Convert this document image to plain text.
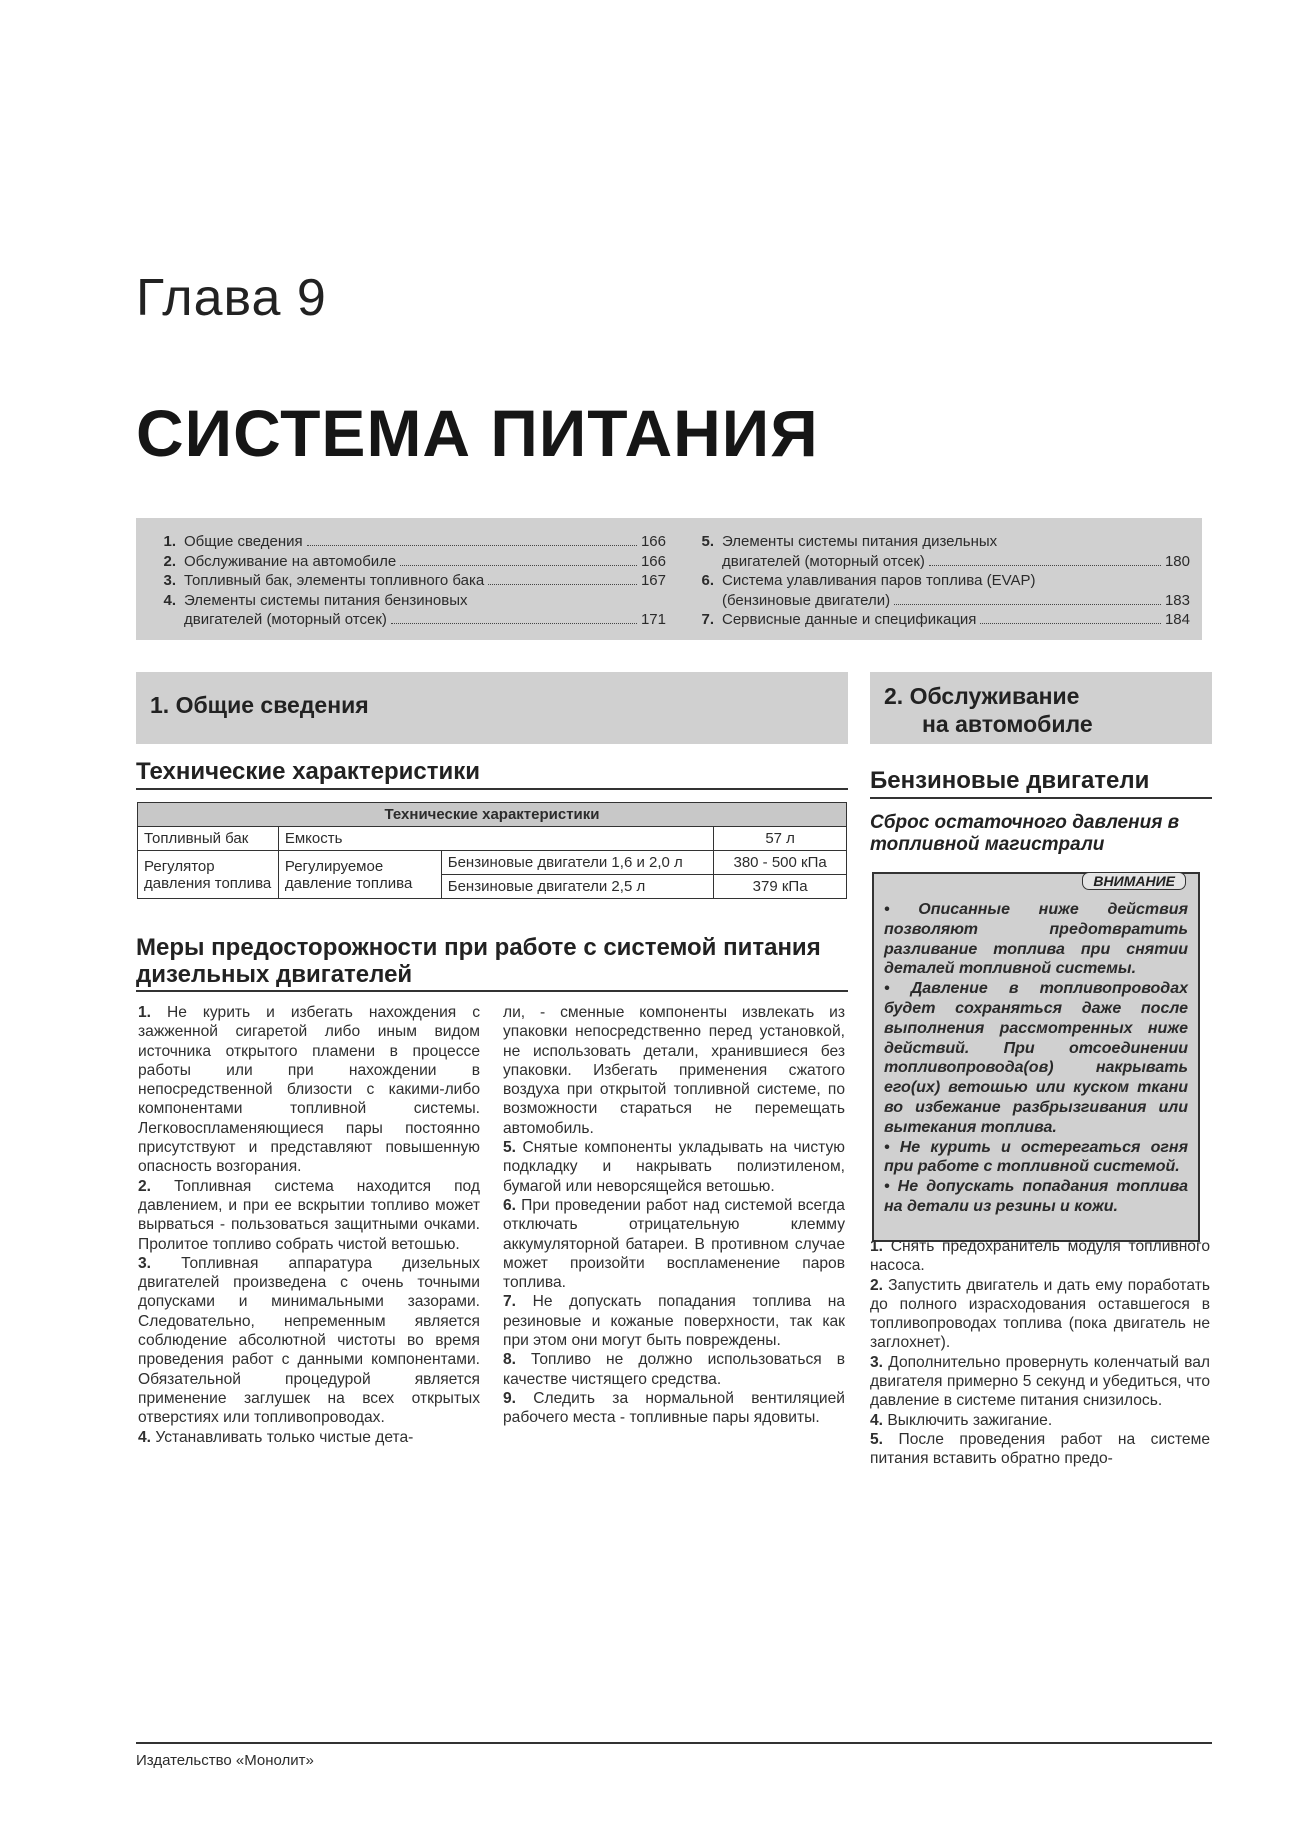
Глава 9
СИСТЕМА ПИТАНИЯ
1. Общие сведения	166
2. Обслуживание на автомобиле	166
3. Топливный бак, элементы топливного бака	167
4. Элементы системы питания бензиновых
двигателей (моторный отсек)	171
5. Элементы системы питания дизельных
двигателей (моторный отсек)	180
6. Система улавливания паров топлива (EVAP)
(бензиновые двигатели)	183
7. Сервисные данные и спецификация	184
1. Общие сведения	2. Обслуживание
на автомобиле
Технические характеристики
Технические характеристики			
Топливный бак	Емкость		57 л
Регулятор давления топлива	Регулируемое давление топлива	Бензиновые двигатели 1,6 и 2,0 л	380 - 500 кПа
		Бензиновые двигатели 2,5 л	379 кПа
Меры предосторожности при работе с системой питания дизельных двигателей

1. Не курить и избегать нахождения с зажженной сигаретой либо иным видом источника открытого пламени в процессе работы или при нахождении в непосредственной близости с какими-либо компонентами топливной системы. Легковоспламеняющиеся пары постоянно присутствуют и представляют повышенную опасность возгорания.

2. Топливная система находится под давлением, и при ее вскрытии топливо может вырваться - пользоваться защитными очками. Пролитое топливо собрать чистой ветошью.

3. Топливная аппаратура дизельных двигателей произведена с очень точными допусками и минимальными зазорами. Следовательно, непременным является соблюдение абсолютной чистоты во время проведения работ с данными компонентами. Обязательной процедурой является применение заглушек на всех открытых отверстиях или топливопроводах.

4. Устанавливать только чистые дета-

ли, - сменные компоненты извлекать из упаковки непосредственно перед установкой, не использовать детали, хранившиеся без упаковки. Избегать применения сжатого воздуха при открытой топливной системе, по возможности стараться не перемещать автомобиль.

5. Снятые компоненты укладывать на чистую подкладку и накрывать полиэтиленом, бумагой или неворсящейся ветошью.

6. При проведении работ над системой всегда отключать отрицательную клемму аккумуляторной батареи. В противном случае может произойти воспламенение паров топлива.

7. Не допускать попадания топлива на резиновые и кожаные поверхности, так как при этом они могут быть повреждены.

8. Топливо не должно использоваться в качестве чистящего средства.

9. Следить за нормальной вентиляцией рабочего места - топливные пары ядовиты.

Бензиновые двигатели
Сброс остаточного давления в топливной магистрали
ВНИМАНИЕ

• Описанные ниже действия позволяют предотвратить разливание топлива при снятии деталей топливной системы.

• Давление в топливопроводах будет сохраняться даже после выполнения рассмотренных ниже действий. При отсоединении топливопровода(ов) накрывать его(их) ветошью или куском ткани во избежание разбрызгивания или вытекания топлива.

• Не курить и остерегаться огня при работе с топливной системой.

• Не допускать попадания топлива на детали из резины и кожи.

1. Снять предохранитель модуля топливного насоса.

2. Запустить двигатель и дать ему поработать до полного израсходования оставшегося в топливопроводах топлива (пока двигатель не заглохнет).

3. Дополнительно провернуть коленчатый вал двигателя примерно 5 секунд и убедиться, что давление в системе питания снизилось.

4. Выключить зажигание.

5. После проведения работ на системе питания вставить обратно предо-

Издательство «Монолит»
